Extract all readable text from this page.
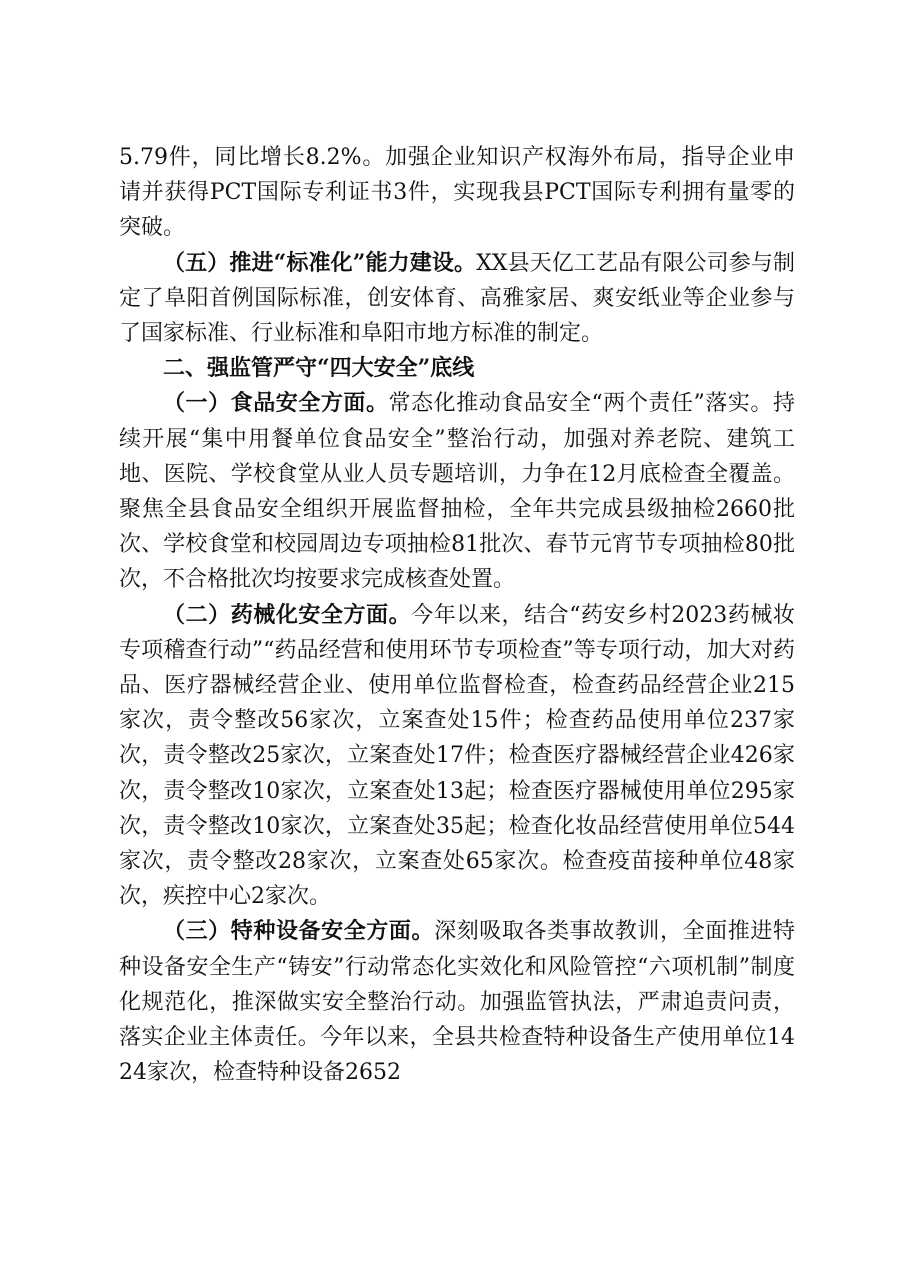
5.79件，同比增长8.2%。加强企业知识产权海外布局，指导企业申请并获得PCT国际专利证书3件，实现我县PCT国际专利拥有量零的突破。

（五）推进“标准化”能力建设。XX县天亿工艺品有限公司参与制定了阜阳首例国际标准，创安体育、高雅家居、爽安纸业等企业参与了国家标准、行业标准和阜阳市地方标准的制定。

二、强监管严守“四大安全”底线

（一）食品安全方面。常态化推动食品安全“两个责任”落实。持续开展“集中用餐单位食品安全”整治行动，加强对养老院、建筑工地、医院、学校食堂从业人员专题培训，力争在12月底检查全覆盖。聚焦全县食品安全组织开展监督抽检，全年共完成县级抽检2660批次、学校食堂和校园周边专项抽检81批次、春节元宵节专项抽检80批次，不合格批次均按要求完成核查处置。

（二）药械化安全方面。今年以来，结合“药安乡村2023药械妆专项稽查行动”“药品经营和使用环节专项检查”等专项行动，加大对药品、医疗器械经营企业、使用单位监督检查，检查药品经营企业215家次，责令整改56家次，立案查处15件；检查药品使用单位237家次，责令整改25家次，立案查处17件；检查医疗器械经营企业426家次，责令整改10家次，立案查处13起；检查医疗器械使用单位295家次，责令整改10家次，立案查处35起；检查化妆品经营使用单位544家次，责令整改28家次，立案查处65家次。检查疫苗接种单位48家次，疾控中心2家次。

（三）特种设备安全方面。深刻吸取各类事故教训，全面推进特种设备安全生产“铸安”行动常态化实效化和风险管控“六项机制”制度化规范化，推深做实安全整治行动。加强监管执法，严肃追责问责，落实企业主体责任。今年以来，全县共检查特种设备生产使用单位1424家次，检查特种设备2652
